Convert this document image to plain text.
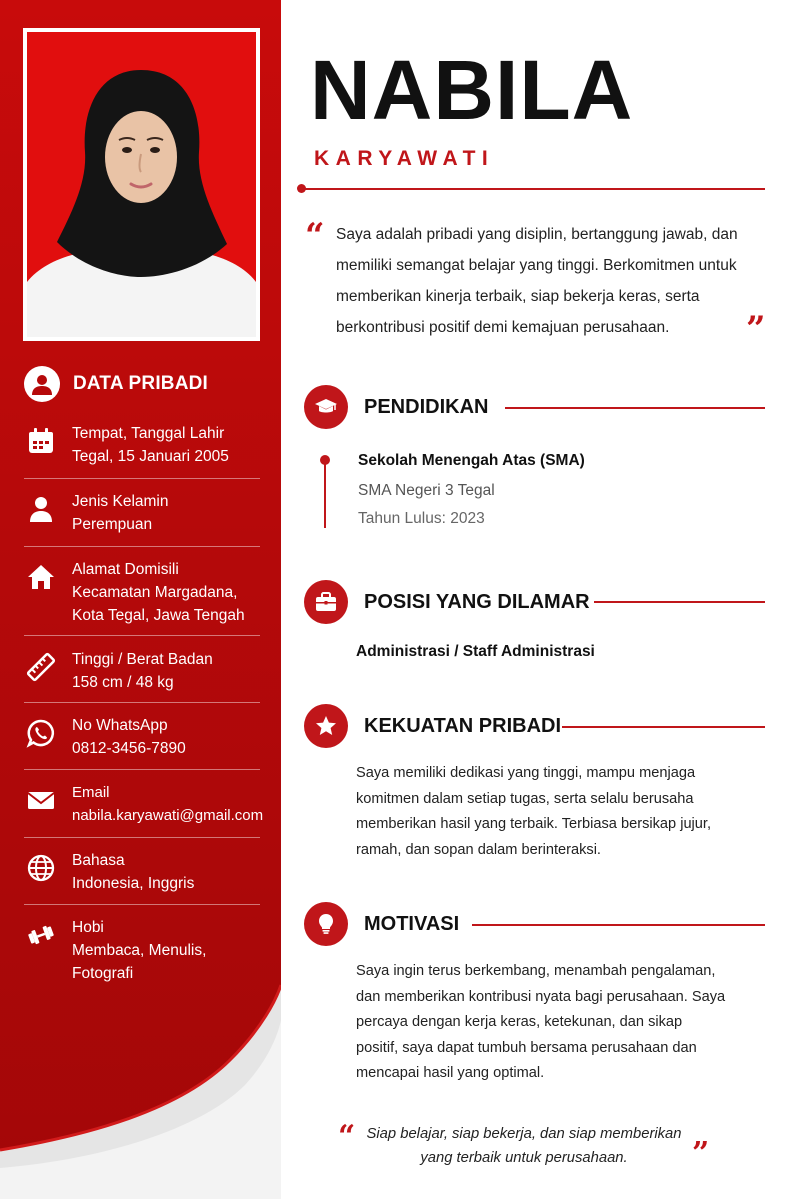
DATA PRIBADI
Tempat, Tanggal Lahir
Tegal, 15 Januari 2005
Jenis Kelamin
Perempuan
Alamat Domisili
Kecamatan Margadana, Kota Tegal, Jawa Tengah
Tinggi / Berat Badan
158 cm / 48 kg
No WhatsApp
0812-3456-7890
Email
nabila.karyawati@gmail.com
Bahasa
Indonesia, Inggris
Hobi
Membaca, Menulis, Fotografi
NABILA
KARYAWATI
“ Saya adalah pribadi yang disiplin, bertanggung jawab, dan memiliki semangat belajar yang tinggi. Berkomitmen untuk memberikan kinerja terbaik, siap bekerja keras, serta berkontribusi positif demi kemajuan perusahaan.	”
PENDIDIKAN
Sekolah Menengah Atas (SMA)
SMA Negeri 3 Tegal
Tahun Lulus: 2023
POSISI YANG DILAMAR
Administrasi / Staff Administrasi
KEKUATAN PRIBADI
Saya memiliki dedikasi yang tinggi, mampu menjaga komitmen dalam setiap tugas, serta selalu berusaha memberikan hasil yang terbaik. Terbiasa bersikap jujur, ramah, dan sopan dalam berinteraksi.
MOTIVASI
Saya ingin terus berkembang, menambah pengalaman, dan memberikan kontribusi nyata bagi perusahaan. Saya percaya dengan kerja keras, ketekunan, dan sikap positif, saya dapat tumbuh bersama perusahaan dan mencapai hasil yang optimal.
“ Siap belajar, siap bekerja, dan siap memberikan yang terbaik untuk perusahaan.	”
